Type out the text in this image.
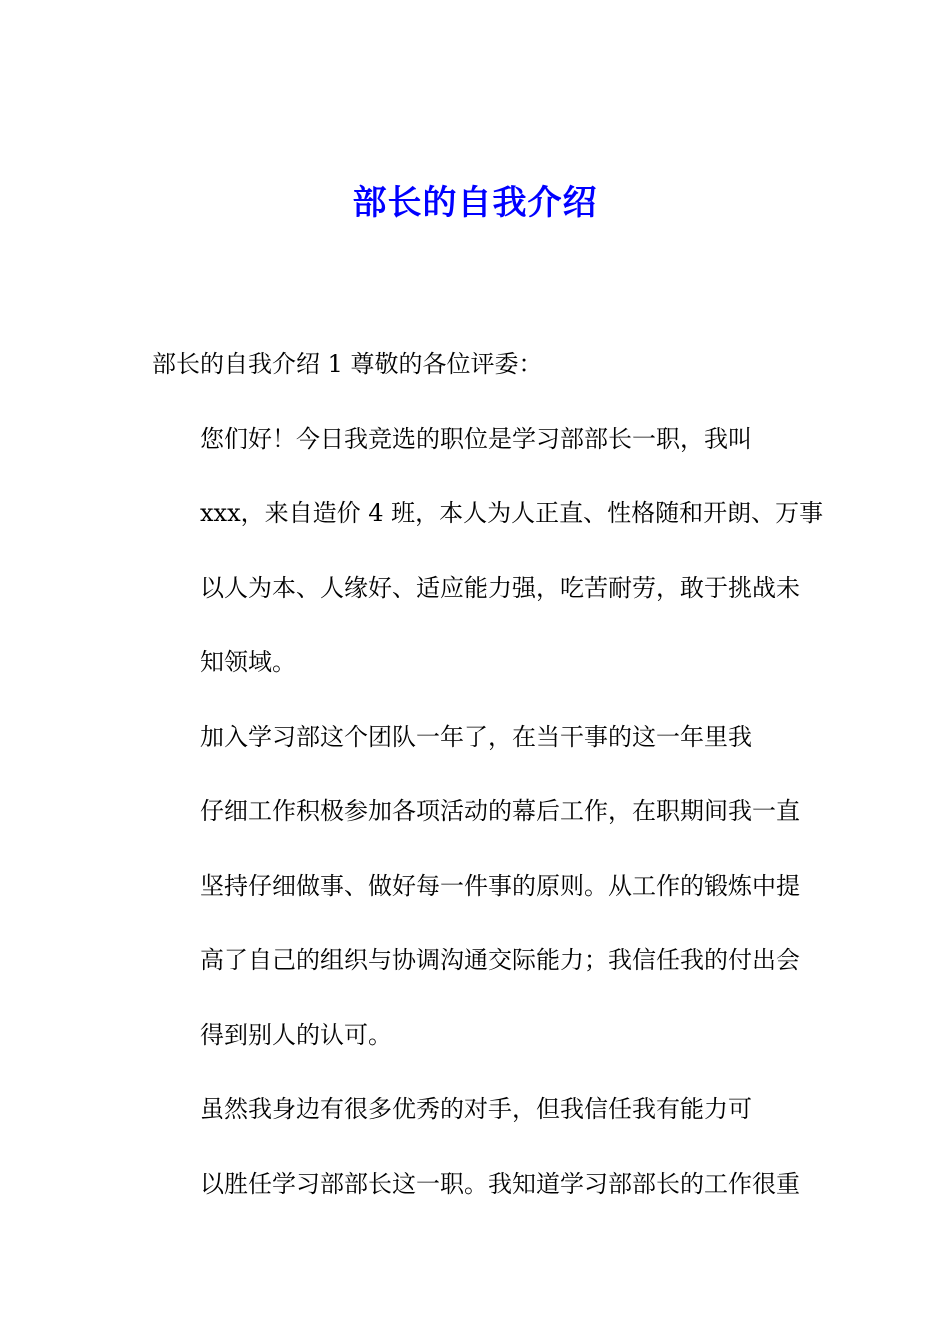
部长的自我介绍

部长的自我介绍 1 尊敬的各位评委：

您们好！今日我竞选的职位是学习部部长一职，我叫
xxx，来自造价 4 班，本人为人正直、性格随和开朗、万事
以人为本、人缘好、适应能力强，吃苦耐劳，敢于挑战未
知领域。

加入学习部这个团队一年了，在当干事的这一年里我
仔细工作积极参加各项活动的幕后工作，在职期间我一直
坚持仔细做事、做好每一件事的原则。从工作的锻炼中提
高了自己的组织与协调沟通交际能力；我信任我的付出会
得到别人的认可。

虽然我身边有很多优秀的对手，但我信任我有能力可
以胜任学习部部长这一职。我知道学习部部长的工作很重
